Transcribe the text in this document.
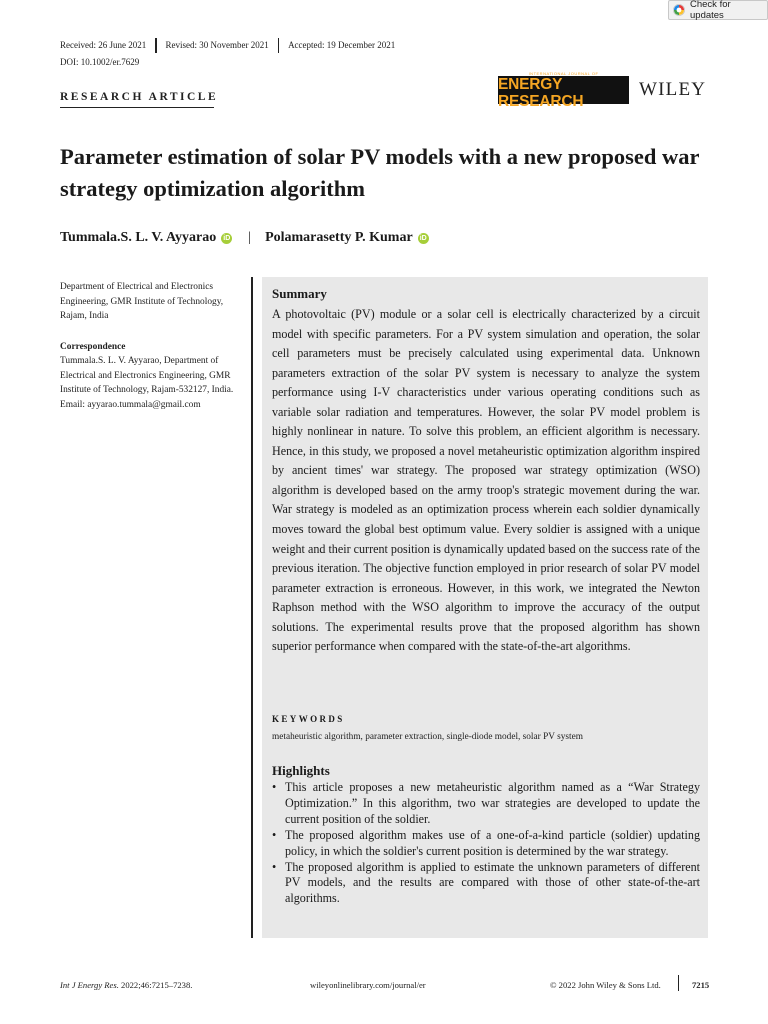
Check for updates
Received: 26 June 2021 Revised: 30 November 2021 Accepted: 19 December 2021
DOI: 10.1002/er.7629
RESEARCH ARTICLE
INTERNATIONAL JOURNAL OF
ENERGY RESEARCH
WILEY
Parameter estimation of solar PV models with a new proposed war strategy optimization algorithm
Tummala.S. L. V. Ayyarao iD | Polamarasetty P. Kumar iD

Department of Electrical and Electronics Engineering, GMR Institute of Technology, Rajam, India

Correspondence

Tummala.S. L. V. Ayyarao, Department of Electrical and Electronics Engineering, GMR Institute of Technology, Rajam-532127, India.

Email: ayyarao.tummala@gmail.com

Summary

A photovoltaic (PV) module or a solar cell is electrically characterized by a circuit model with specific parameters. For a PV system simulation and operation, the solar cell parameters must be precisely calculated using experimental data. Unknown parameters extraction of the solar PV system is necessary to analyze the system performance using I-V characteristics under various operating conditions such as variable solar radiation and temperatures. However, the solar PV model problem is highly nonlinear in nature. To solve this problem, an efficient algorithm is necessary. Hence, in this study, we proposed a novel metaheuristic optimization algorithm inspired by ancient times' war strategy. The proposed war strategy optimization (WSO) algorithm is developed based on the army troop's strategic movement during the war. War strategy is modeled as an optimization process wherein each soldier dynamically moves toward the global best optimum value. Every soldier is assigned with a unique weight and their current position is dynamically updated based on the success rate of the previous iteration. The objective function employed in prior research of solar PV model parameter extraction is erroneous. However, in this work, we integrated the Newton Raphson method with the WSO algorithm to improve the accuracy of the output solutions. The experimental results prove that the proposed algorithm has shown superior performance when compared with the state-of-the-art algorithms.

KEYWORDS

metaheuristic algorithm, parameter extraction, single-diode model, solar PV system

Highlights
• This article proposes a new metaheuristic algorithm named as a “War Strategy Optimization.” In this algorithm, two war strategies are developed to update the current position of the soldier.
• The proposed algorithm makes use of a one-of-a-kind particle (soldier) updating policy, in which the soldier's current position is determined by the war strategy.
• The proposed algorithm is applied to estimate the unknown parameters of different PV models, and the results are compared with those of other state-of-the-art algorithms.
Int J Energy Res. 2022;46:7215–7238.	wileyonlinelibrary.com/journal/er	© 2022 John Wiley & Sons Ltd.	7215
